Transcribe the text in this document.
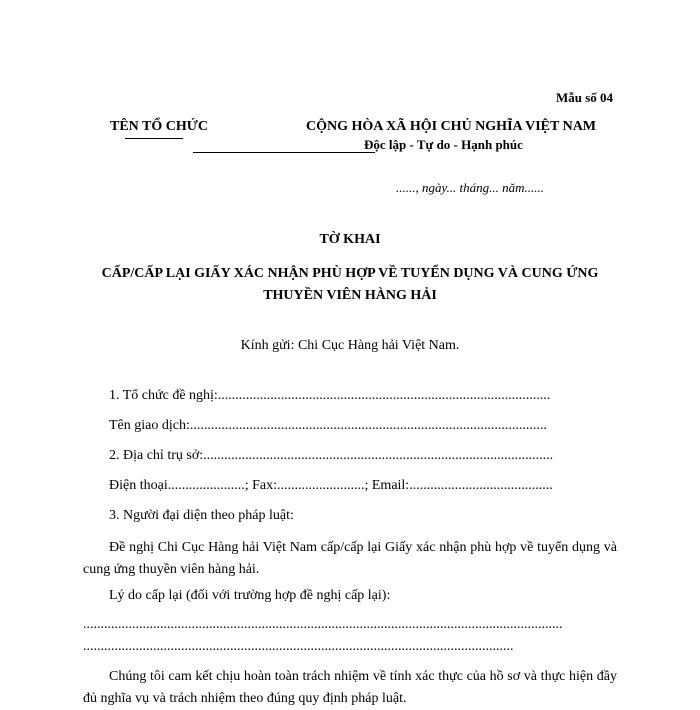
Mẫu số 04
TÊN TỔ CHỨC	CỘNG HÒA XÃ HỘI CHỦ NGHĨA VIỆT NAM
Độc lập - Tự do - Hạnh phúc
......, ngày... tháng... năm......
TỜ KHAI
CẤP/CẤP LẠI GIẤY XÁC NHẬN PHÙ HỢP VỀ TUYỂN DỤNG VÀ CUNG ỨNG THUYỀN VIÊN HÀNG HẢI
Kính gửi: Chi Cục Hàng hải Việt Nam.
1. Tổ chức đề nghị:...............................................................................................
Tên giao dịch:......................................................................................................
2. Địa chỉ trụ sở:....................................................................................................
Điện thoại......................; Fax:.........................; Email:.........................................
3. Người đại diện theo pháp luật:
Đề nghị Chi Cục Hàng hải Việt Nam cấp/cấp lại Giấy xác nhận phù hợp về tuyển dụng và cung ứng thuyền viên hàng hải.
Lý do cấp lại (đối với trường hợp đề nghị cấp lại):
.........................................................................................................................................
...........................................................................................................................
Chúng tôi cam kết chịu hoàn toàn trách nhiệm về tính xác thực của hồ sơ và thực hiện đầy đủ nghĩa vụ và trách nhiệm theo đúng quy định pháp luật.
